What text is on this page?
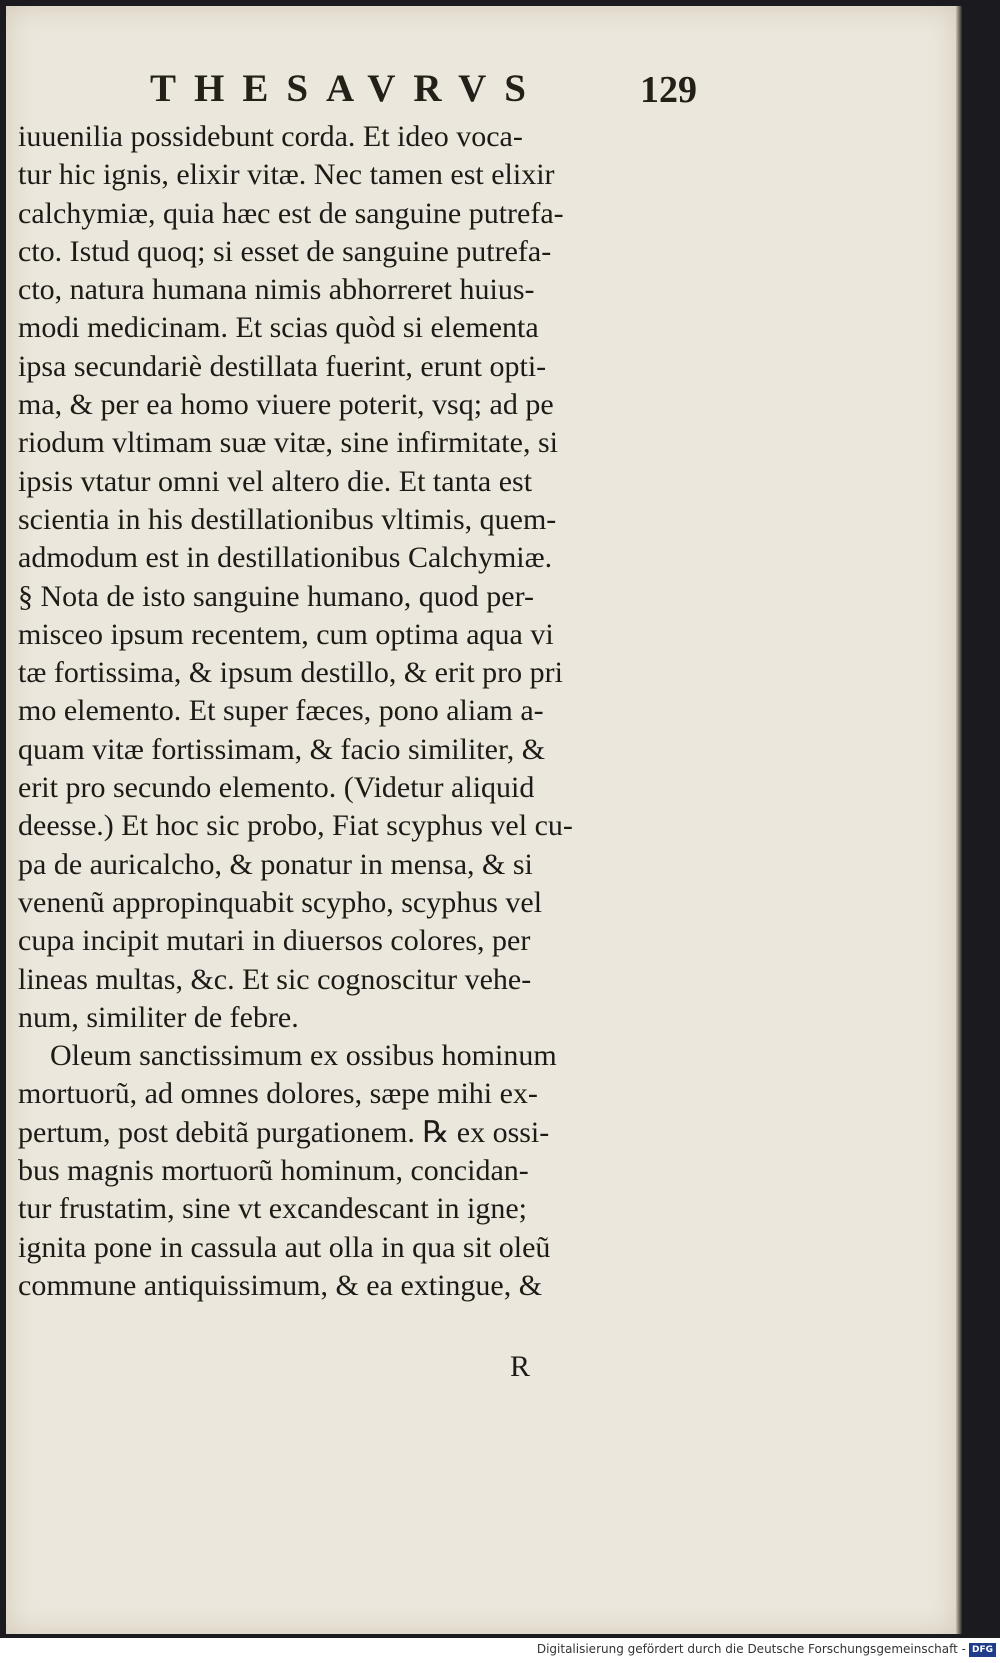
THESAVRVS	129
iuuenilia possidebunt corda. Et ideo voca-
tur hic ignis, elixir vitæ. Nec tamen est elixir
calchymiæ, quia hæc est de sanguine putrefa-
cto. Istud quoq; si esset de sanguine putrefa-
cto, natura humana nimis abhorreret huius-
modi medicinam. Et scias quòd si elementa
ipsa secundariè destillata fuerint, erunt opti-
ma, & per ea homo viuere poterit, vsq; ad pe
riodum vltimam suæ vitæ, sine infirmitate, si
ipsis vtatur omni vel altero die. Et tanta est
scientia in his destillationibus vltimis, quem-
admodum est in destillationibus Calchymiæ.
§ Nota de isto sanguine humano, quod per-
misceo ipsum recentem, cum optima aqua vi
tæ fortissima, & ipsum destillo, & erit pro pri
mo elemento. Et super fæces, pono aliam a-
quam vitæ fortissimam, & facio similiter, &
erit pro secundo elemento. (Videtur aliquid
deesse.) Et hoc sic probo, Fiat scyphus vel cu-
pa de auricalcho, & ponatur in mensa, & si
venenũ appropinquabit scypho, scyphus vel
cupa incipit mutari in diuersos colores, per
lineas multas, &c. Et sic cognoscitur vehe-
num, similiter de febre.
Oleum sanctissimum ex ossibus hominum
mortuorũ, ad omnes dolores, sæpe mihi ex-
pertum, post debitã purgationem. ℞ ex ossi-
bus magnis mortuorũ hominum, concidan-
tur frustatim, sine vt excandescant in igne;
ignita pone in cassula aut olla in qua sit oleũ
commune antiquissimum, & ea extingue, &
R
Digitalisierung gefördert durch die Deutsche Forschungsgemeinschaft - DFG
